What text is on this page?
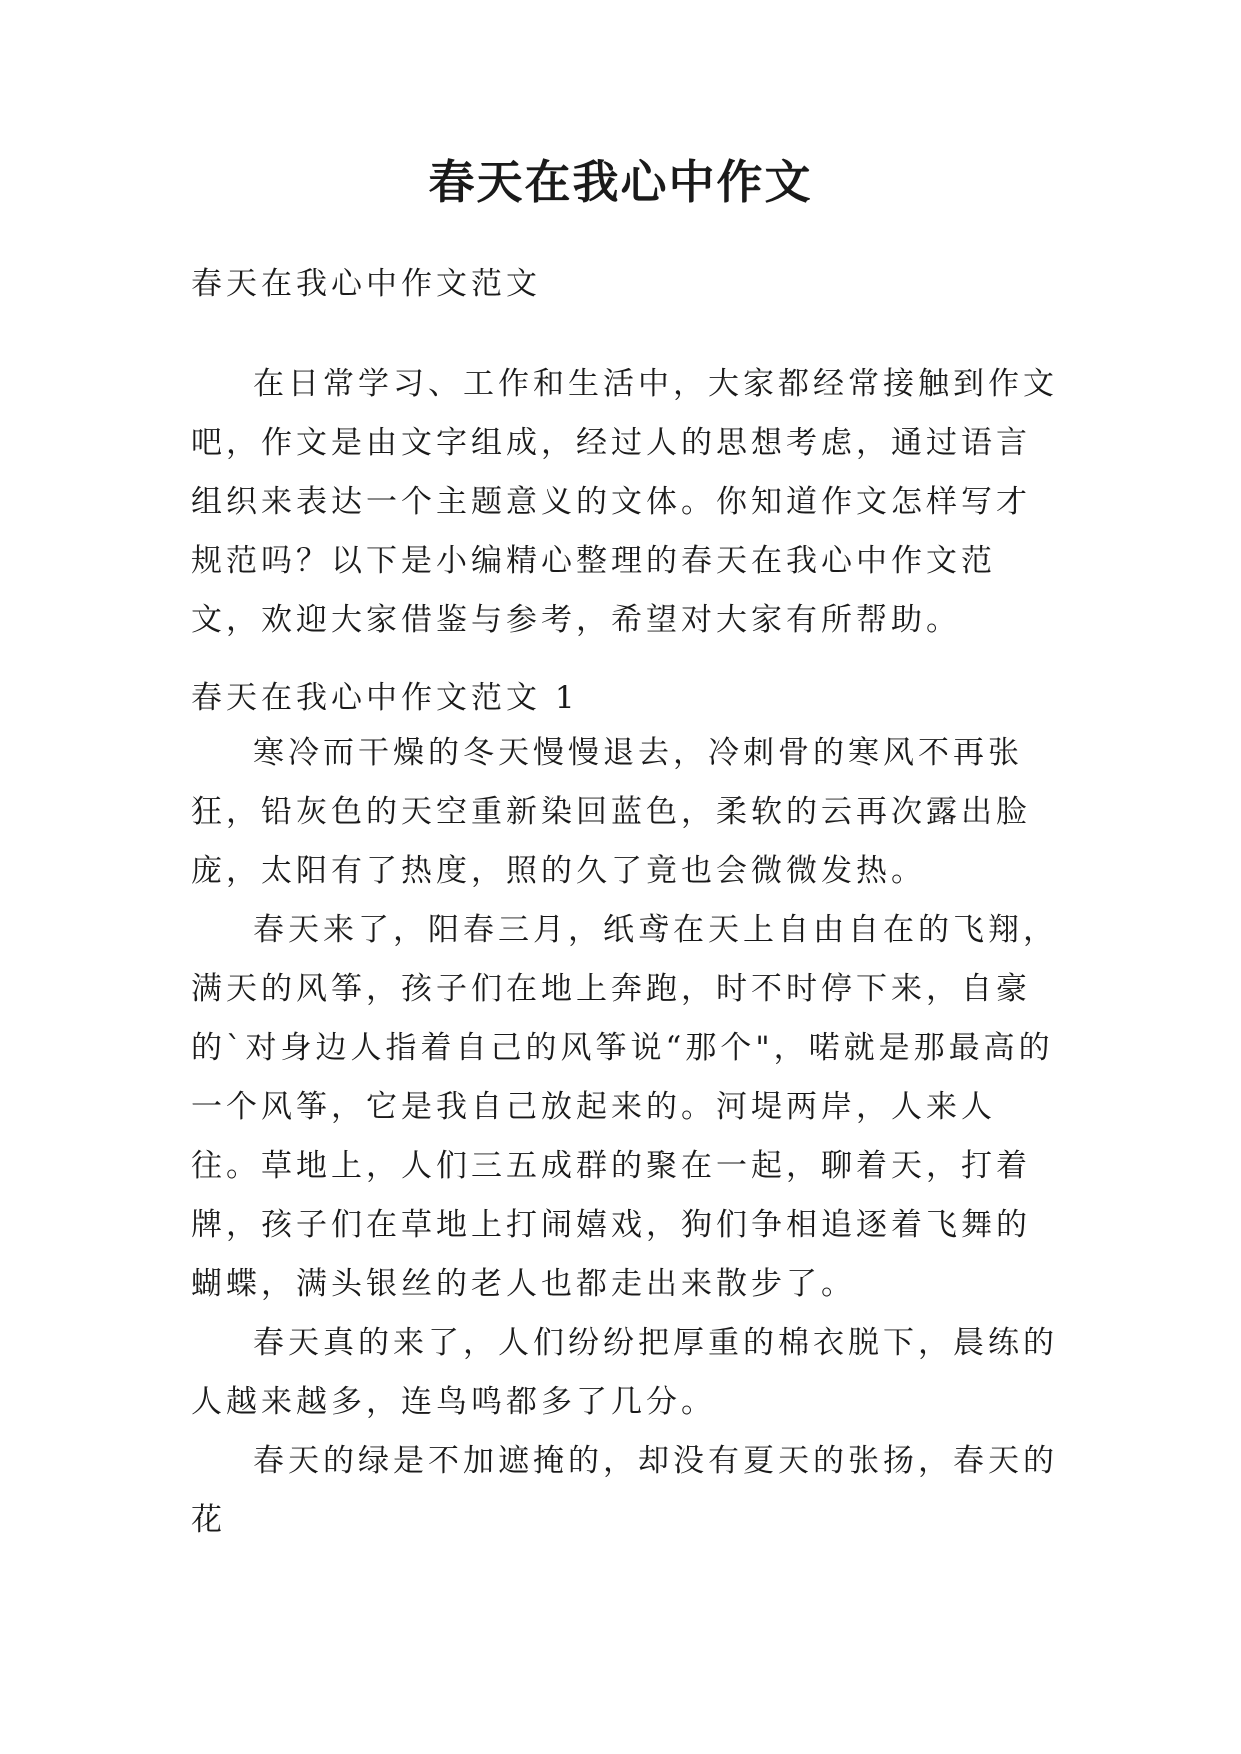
春天在我心中作文

春天在我心中作文范文

在日常学习、工作和生活中，大家都经常接触到作文吧，作文是由文字组成，经过人的思想考虑，通过语言组织来表达一个主题意义的文体。你知道作文怎样写才规范吗？以下是小编精心整理的春天在我心中作文范文，欢迎大家借鉴与参考，希望对大家有所帮助。

春天在我心中作文范文 1

寒冷而干燥的冬天慢慢退去，冷刺骨的寒风不再张狂，铅灰色的天空重新染回蓝色，柔软的云再次露出脸庞，太阳有了热度，照的久了竟也会微微发热。

春天来了，阳春三月，纸鸢在天上自由自在的飞翔，满天的风筝，孩子们在地上奔跑，时不时停下来，自豪的`对身边人指着自己的风筝说“那个"，喏就是那最高的一个风筝，它是我自己放起来的。河堤两岸，人来人往。草地上，人们三五成群的聚在一起，聊着天，打着牌，孩子们在草地上打闹嬉戏，狗们争相追逐着飞舞的蝴蝶，满头银丝的老人也都走出来散步了。

春天真的来了，人们纷纷把厚重的棉衣脱下，晨练的人越来越多，连鸟鸣都多了几分。

春天的绿是不加遮掩的，却没有夏天的张扬，春天的花
